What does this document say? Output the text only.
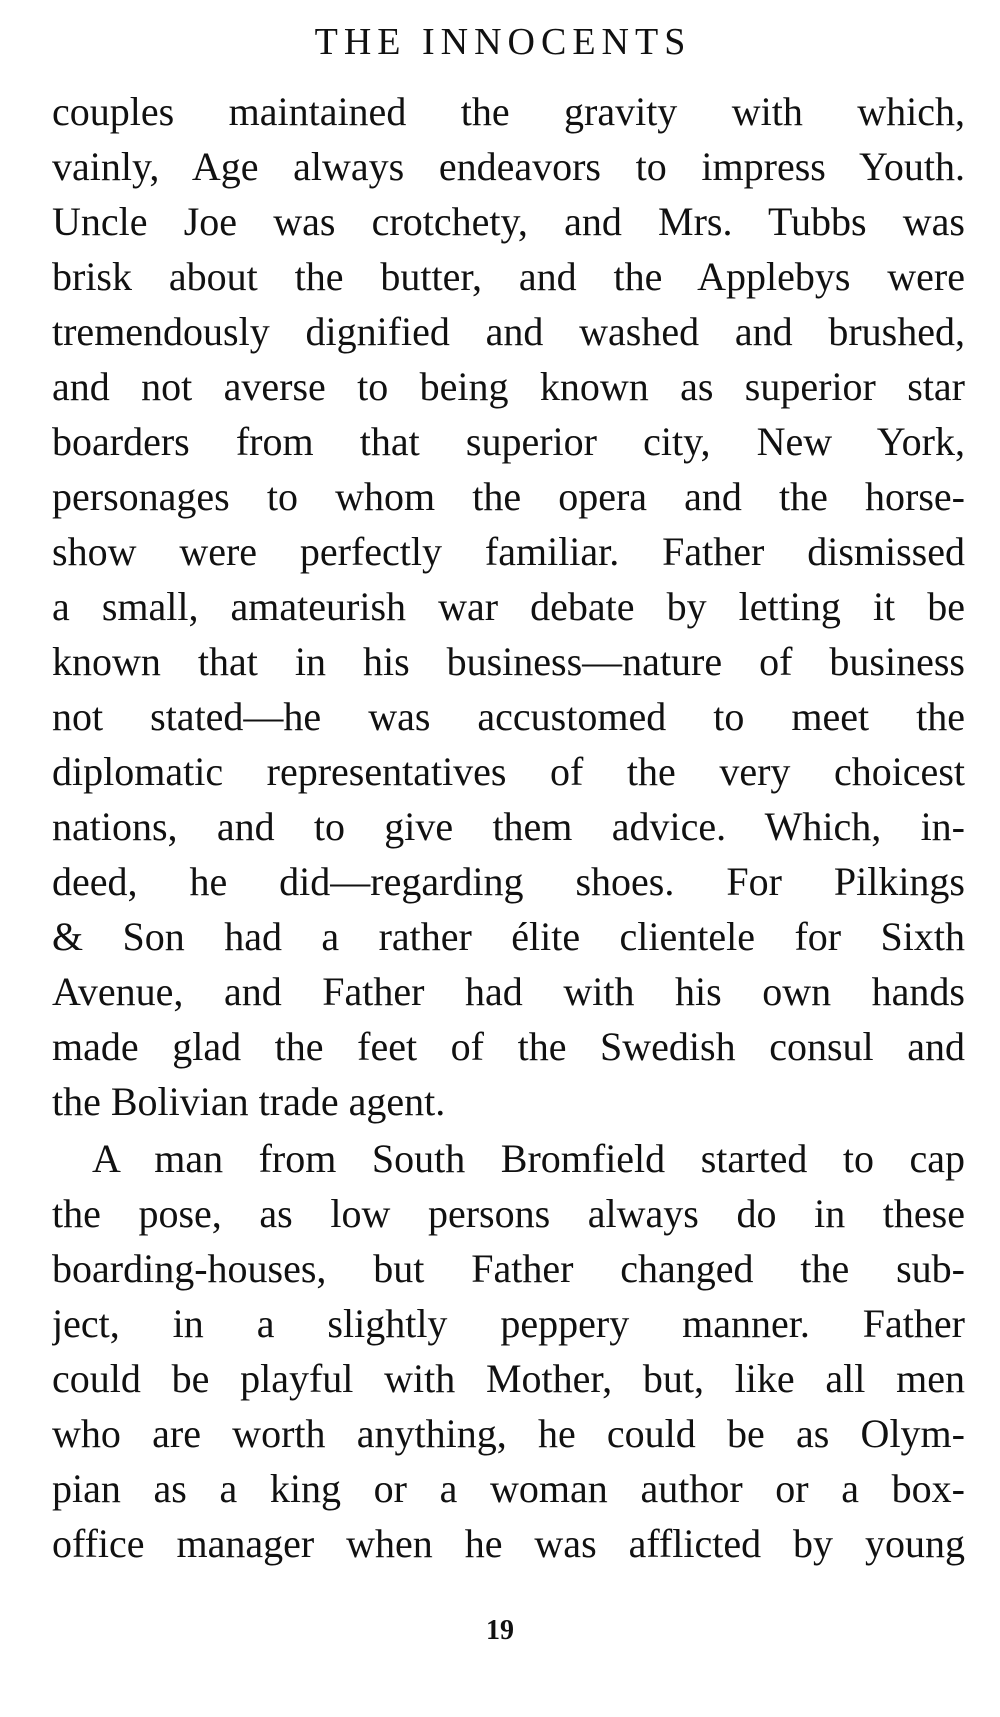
THE INNOCENTS
couples maintained the gravity with which,
vainly, Age always endeavors to impress Youth.
Uncle Joe was crotchety, and Mrs. Tubbs was
brisk about the butter, and the Applebys were
tremendously dignified and washed and brushed,
and not averse to being known as superior star
boarders from that superior city, New York,
personages to whom the opera and the horse-
show were perfectly familiar. Father dismissed
a small, amateurish war debate by letting it be
known that in his business—nature of business
not stated—he was accustomed to meet the
diplomatic representatives of the very choicest
nations, and to give them advice. Which, in-
deed, he did—regarding shoes. For Pilkings
& Son had a rather élite clientele for Sixth
Avenue, and Father had with his own hands
made glad the feet of the Swedish consul and
the Bolivian trade agent.
A man from South Bromfield started to cap
the pose, as low persons always do in these
boarding-houses, but Father changed the sub-
ject, in a slightly peppery manner. Father
could be playful with Mother, but, like all men
who are worth anything, he could be as Olym-
pian as a king or a woman author or a box-
office manager when he was afflicted by young
19
